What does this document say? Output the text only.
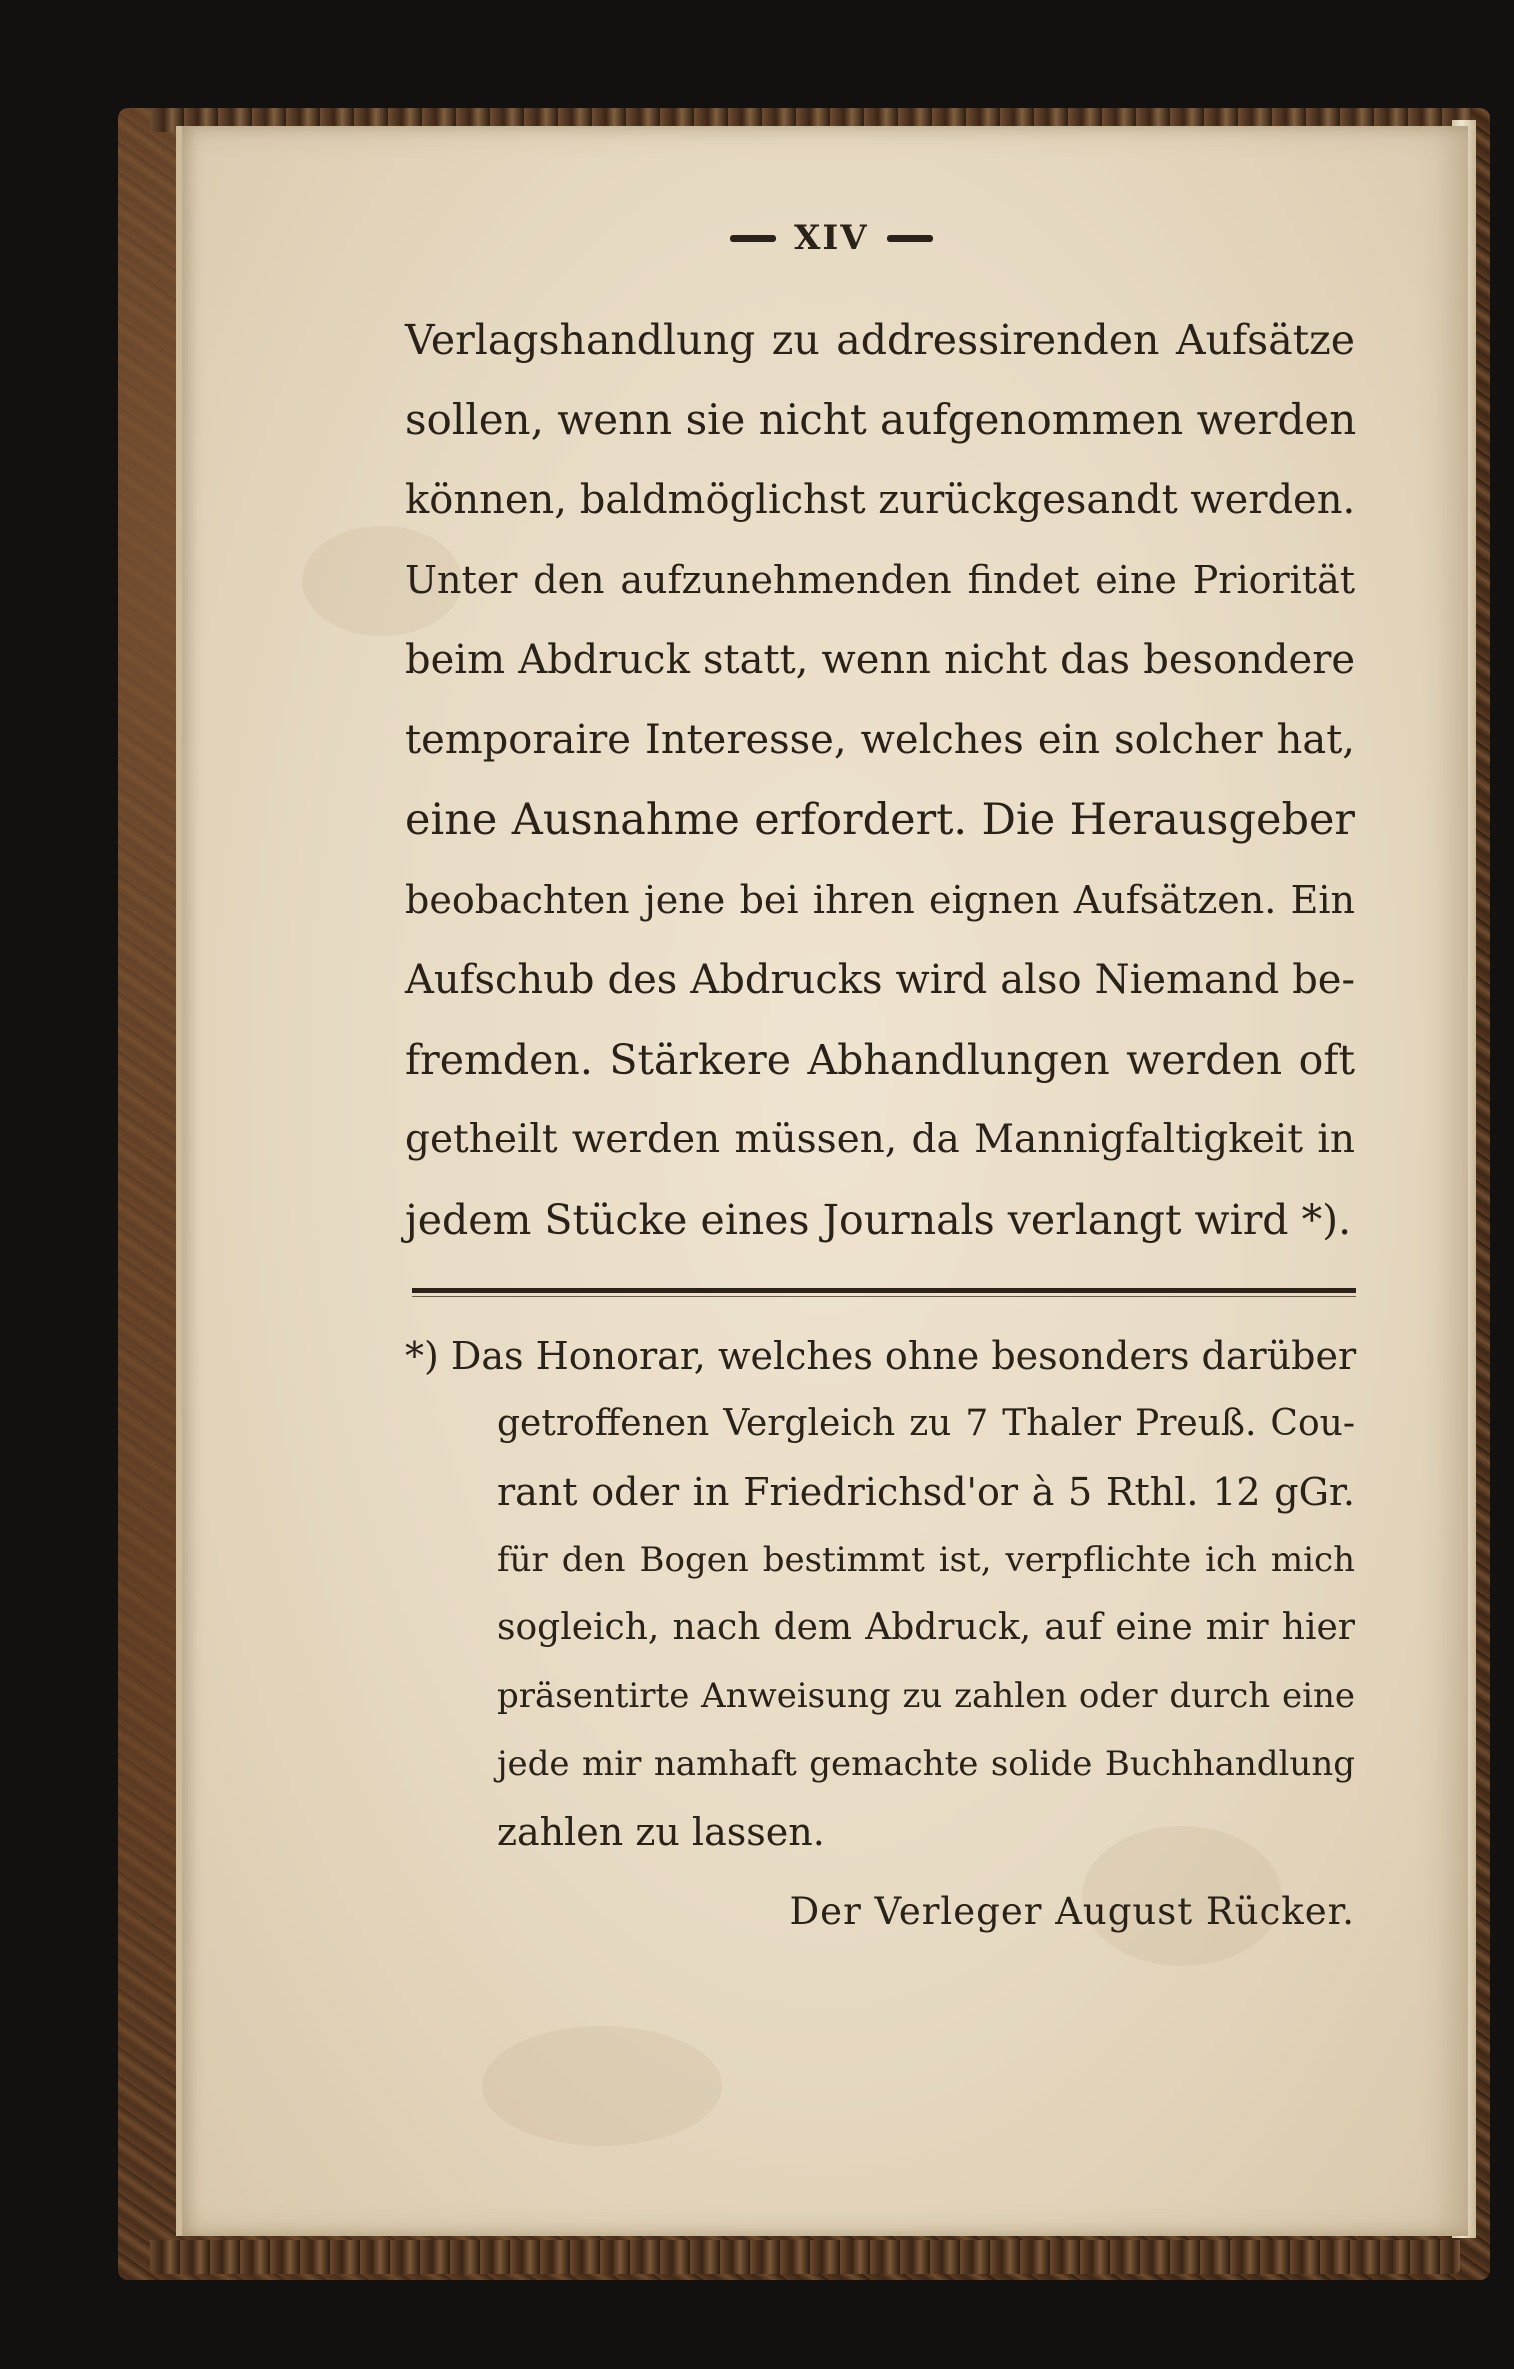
XIV
Verlagshandlung zu addressirenden Aufsätze
sollen, wenn sie nicht aufgenommen werden
können, baldmöglichst zurückgesandt werden.
Unter den aufzunehmenden findet eine Priorität
beim Abdruck statt, wenn nicht das besondere
temporaire Interesse, welches ein solcher hat,
eine Ausnahme erfordert. Die Herausgeber
beobachten jene bei ihren eignen Aufsätzen. Ein
Aufschub des Abdrucks wird also Niemand be-
fremden. Stärkere Abhandlungen werden oft
getheilt werden müssen, da Mannigfaltigkeit in
jedem Stücke eines Journals verlangt wird *).
*) Das Honorar, welches ohne besonders darüber
getroffenen Vergleich zu 7 Thaler Preuß. Cou-
rant oder in Friedrichsd'or à 5 Rthl. 12 gGr.
für den Bogen bestimmt ist, verpflichte ich mich
sogleich, nach dem Abdruck, auf eine mir hier
präsentirte Anweisung zu zahlen oder durch eine
jede mir namhaft gemachte solide Buchhandlung
zahlen zu lassen.
Der Verleger August Rücker.
